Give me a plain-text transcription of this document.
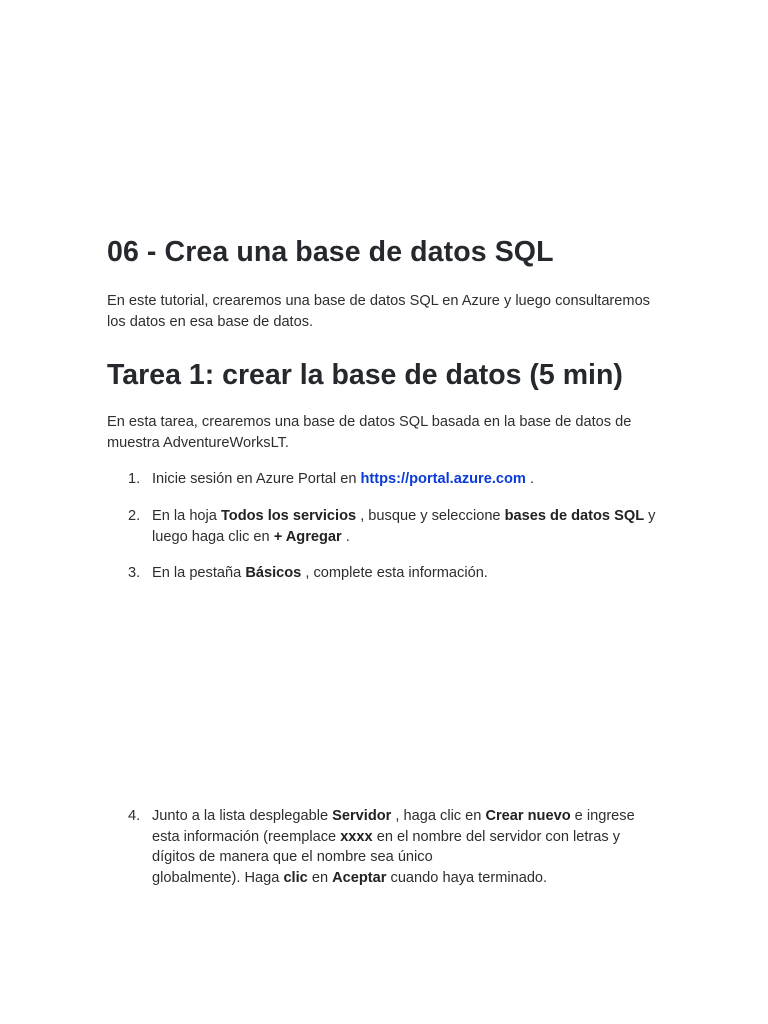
06 - Crea una base de datos SQL

En este tutorial, crearemos una base de datos SQL en Azure y luego consultaremos los datos en esa base de datos.

Tarea 1: crear la base de datos (5 min)

En esta tarea, crearemos una base de datos SQL basada en la base de datos de muestra AdventureWorksLT.

1. Inicie sesión en Azure Portal en https://portal.azure.com .
2. En la hoja Todos los servicios , busque y seleccione bases de datos SQL y luego haga clic en + Agregar .
3. En la pestaña Básicos , complete esta información.
4. Junto a la lista desplegable Servidor , haga clic en Crear nuevo e ingrese esta información (reemplace xxxx en el nombre del servidor con letras y dígitos de manera que el nombre sea único
globalmente). Haga clic en Aceptar cuando haya terminado.
